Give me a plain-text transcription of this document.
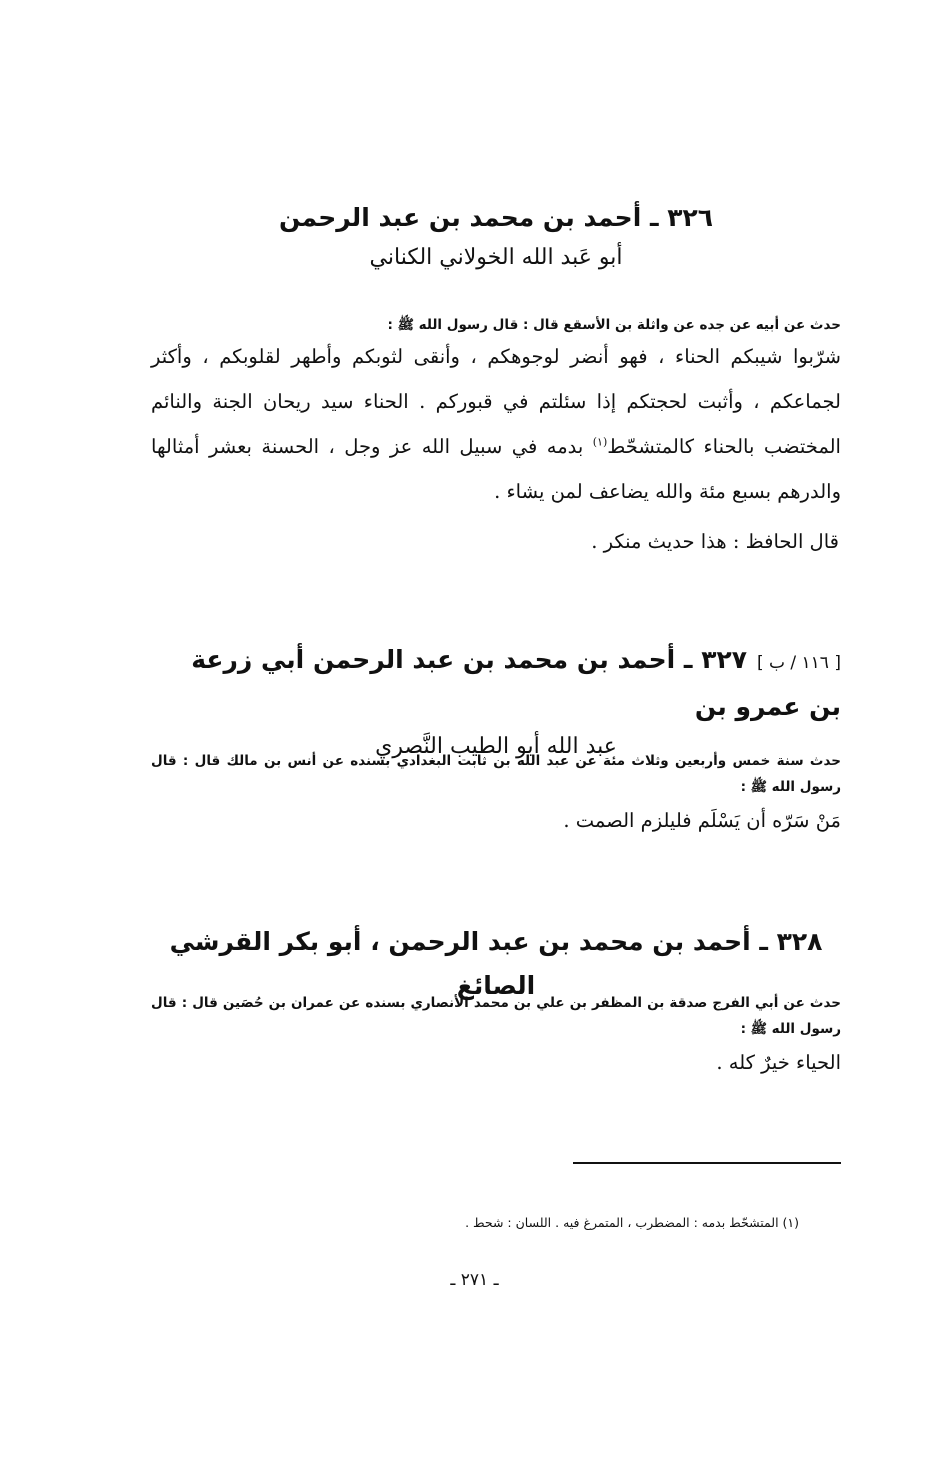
٣٢٦ ـ أحمد بن محمد بن عبد الرحمن

أبو عَبد الله الخولاني الكناني

حدث عن أبيه عن جده عن واثلة بن الأسقع قال : قال رسول الله ﷺ :

شرّبوا شيبكم الحناء ، فهو أنضر لوجوهكم ، وأنقى لثوبكم وأطهر لقلوبكم ، وأكثر لجماعكم ، وأثبت لحجتكم إذا سئلتم في قبوركم . الحناء سيد ريحان الجنة والنائم المختضب بالحناء كالمتشحّط$^{(١)}$ بدمه في سبيل الله عز وجل ، الحسنة بعشر أمثالها والدرهم بسبع مئة والله يضاعف لمن يشاء .

قال الحافظ : هذا حديث منكر .

[ ١١٦ / ب ]٣٢٧ ـ أحمد بن محمد بن عبد الرحمن أبي زرعة بن عمرو بن

عبد الله أبو الطيب النَّصري

حدث سنة خمس وأربعين وثلاث مئة عن عبد الله بن ثابت البغدادي بسنده عن أنس بن مالك قال : قال رسول الله ﷺ :

مَنْ سَرّه أن يَسْلَم فليلزم الصمت .

٣٢٨ ـ أحمد بن محمد بن عبد الرحمن ، أبو بكر القرشي الصائغ

حدث عن أبي الفرج صدقة بن المظفر بن علي بن محمد الأنصاري بسنده عن عمران بن حُصَين قال : قال رسول الله ﷺ :

الحياء خيرٌ كله .

(١) المتشحّط بدمه : المضطرب ، المتمرغ فيه . اللسان : شحط .
ـ ٢٧١ ـ
